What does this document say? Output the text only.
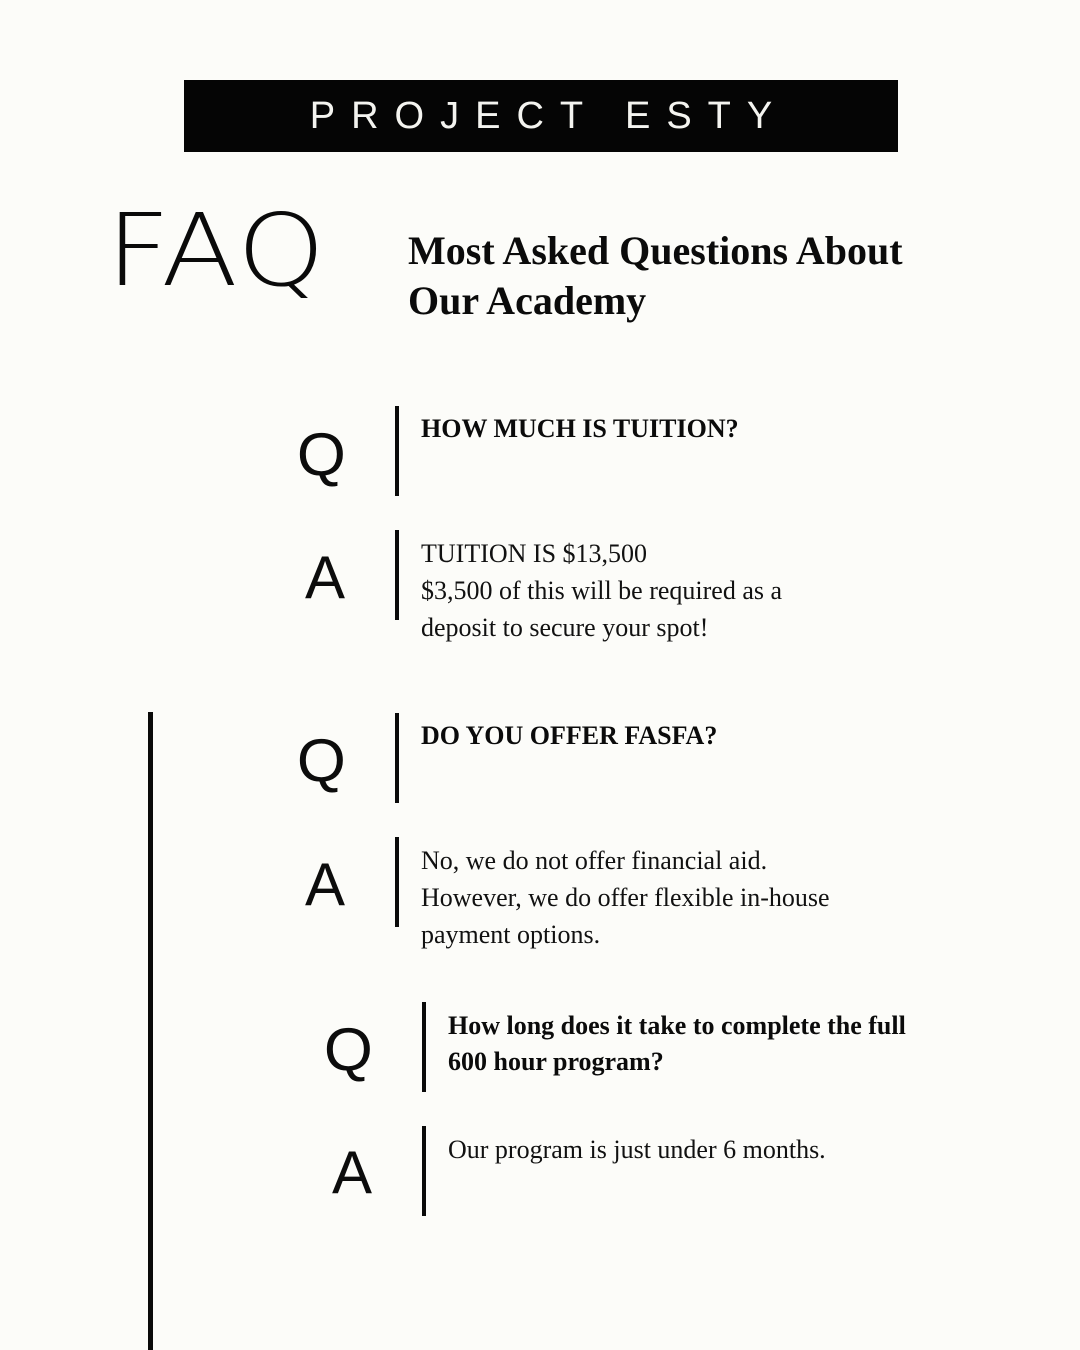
PROJECT ESTY
FAQ Most Asked Questions About
Our Academy
Q	HOW MUCH IS TUITION?
A	TUITION IS $13,500
$3,500 of this will be required as a
deposit to secure your spot!
Q	DO YOU OFFER FASFA?
A	No, we do not offer financial aid.
However, we do offer flexible in-house
payment options.
Q	How long does it take to complete the full 600 hour program?
A	Our program is just under 6 months.
